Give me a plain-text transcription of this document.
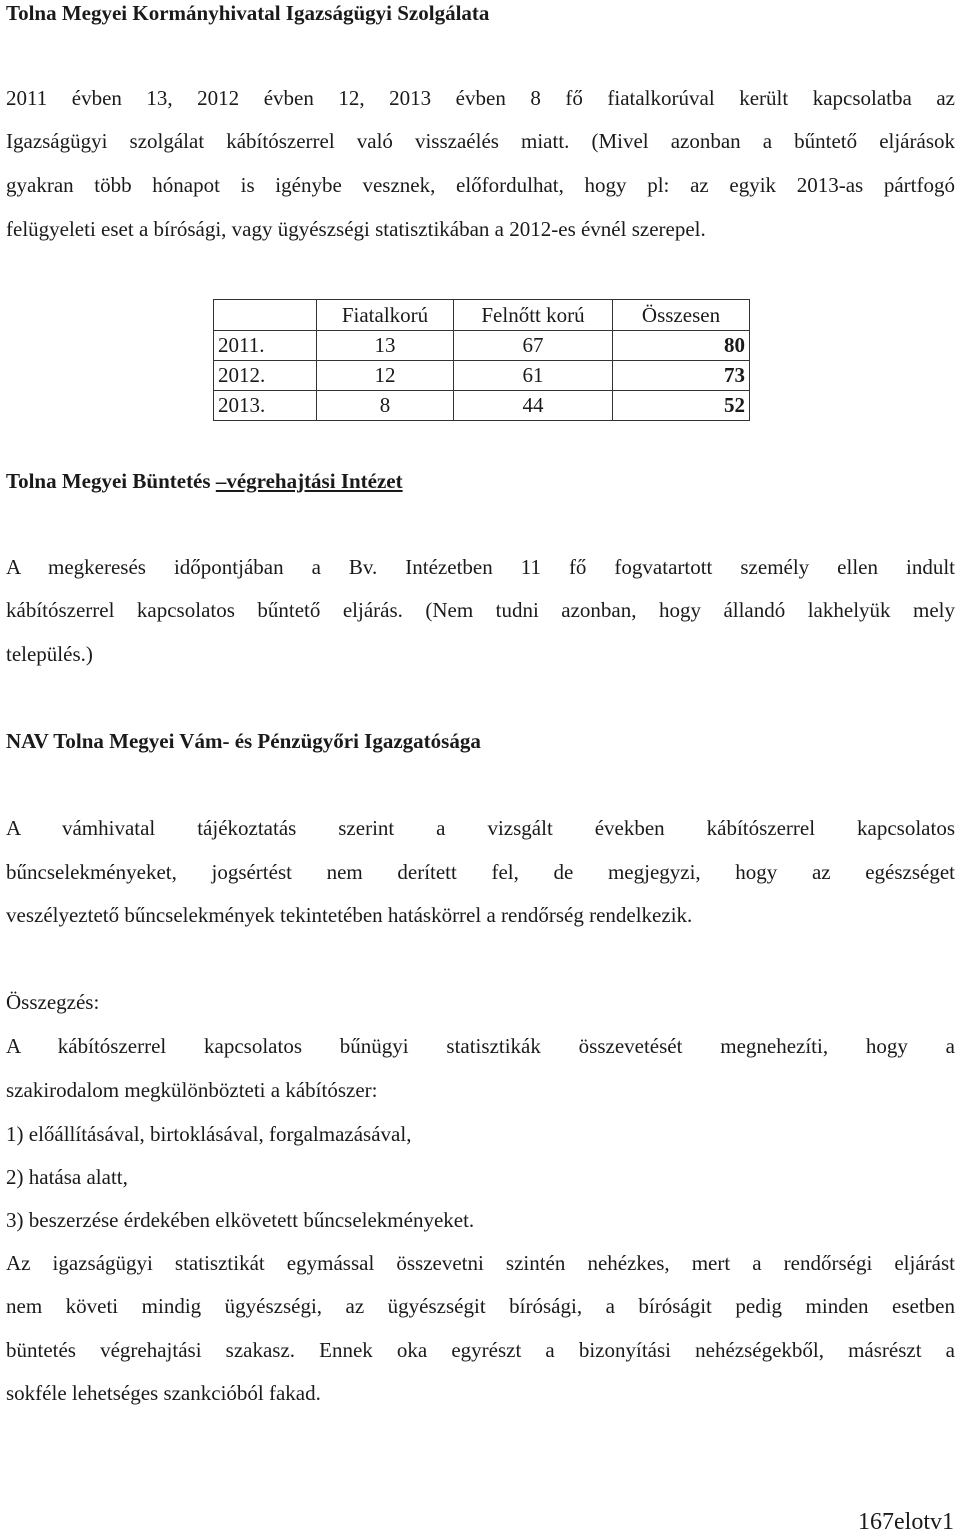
Tolna Megyei Kormányhivatal Igazságügyi Szolgálata

2011 évben 13, 2012 évben 12, 2013 évben 8 fő fiatalkorúval került kapcsolatba az

Igazságügyi szolgálat kábítószerrel való visszaélés miatt. (Mivel azonban a bűntető eljárások

gyakran több hónapot is igénybe vesznek, előfordulhat, hogy pl: az egyik 2013-as pártfogó

felügyeleti eset a bírósági, vagy ügyészségi statisztikában a 2012-es évnél szerepel.

	Fiatalkorú	Felnőtt korú	Összesen
2011.	13	67	80
2012.	12	61	73
2013.	8	44	52
Tolna Megyei Büntetés –végrehajtási Intézet

A megkeresés időpontjában a Bv. Intézetben 11 fő fogvatartott személy ellen indult

kábítószerrel kapcsolatos bűntető eljárás. (Nem tudni azonban, hogy állandó lakhelyük mely

település.)

NAV Tolna Megyei Vám- és Pénzügyőri Igazgatósága

A vámhivatal tájékoztatás szerint a vizsgált években kábítószerrel kapcsolatos

bűncselekményeket, jogsértést nem derített fel, de megjegyzi, hogy az egészséget

veszélyeztető bűncselekmények tekintetében hatáskörrel a rendőrség rendelkezik.

Összegzés:

A kábítószerrel kapcsolatos bűnügyi statisztikák összevetését megnehezíti, hogy a

szakirodalom megkülönbözteti a kábítószer:

1) előállításával, birtoklásával, forgalmazásával,

2) hatása alatt,

3) beszerzése érdekében elkövetett bűncselekményeket.

Az igazságügyi statisztikát egymással összevetni szintén nehézkes, mert a rendőrségi eljárást

nem követi mindig ügyészségi, az ügyészségit bírósági, a bíróságit pedig minden esetben

büntetés végrehajtási szakasz. Ennek oka egyrészt a bizonyítási nehézségekből, másrészt a

sokféle lehetséges szankcióból fakad.

167elotv1
